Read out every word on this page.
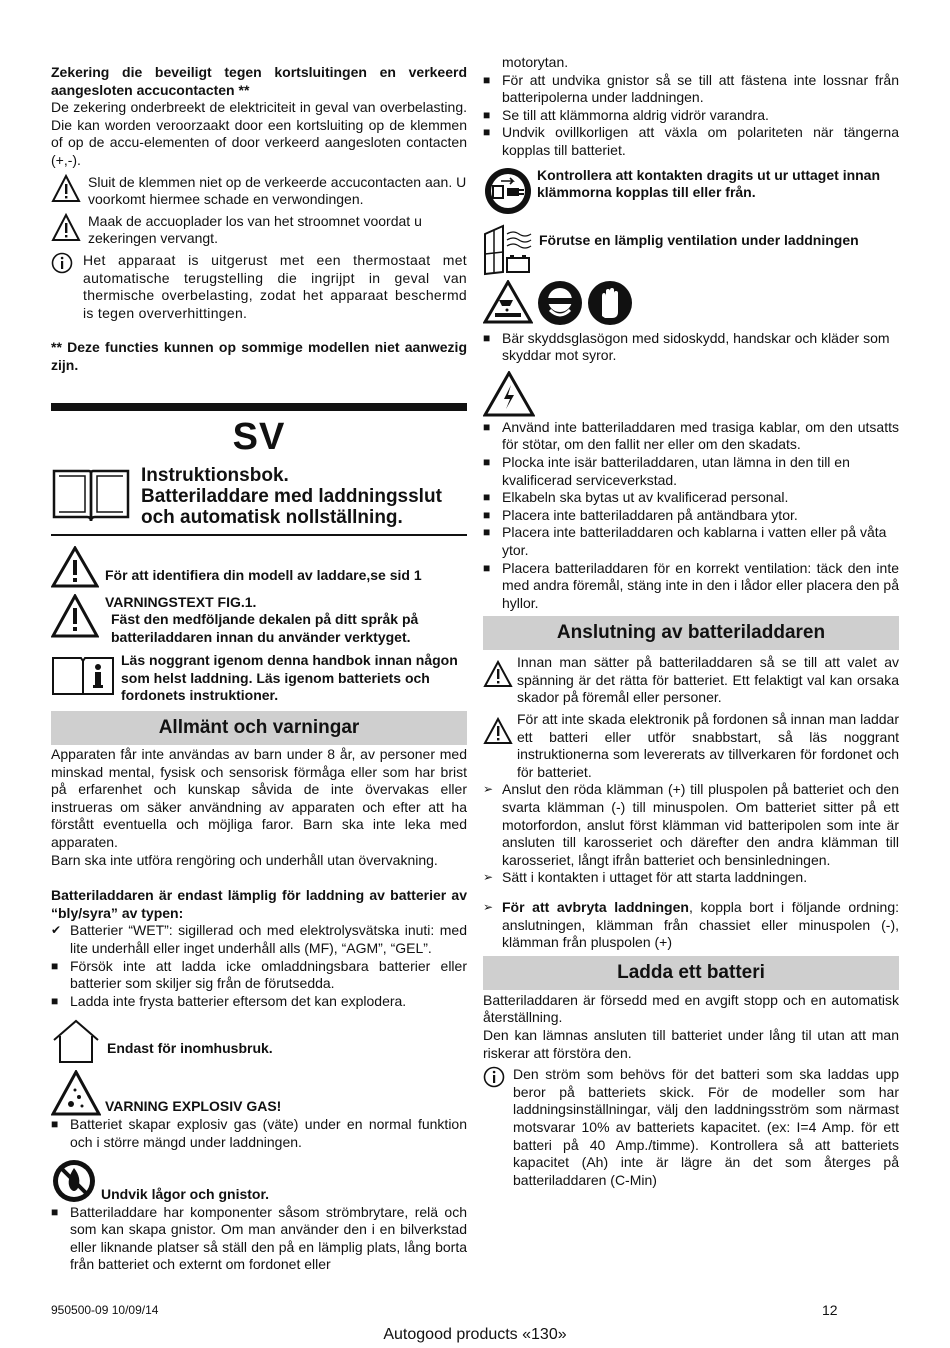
Zekering die beveiligt tegen kortsluitingen en verkeerd aangesloten accucontacten **

De zekering onderbreekt de elektriciteit in geval van overbelasting. Die kan worden veroorzaakt door een kortsluiting op de klemmen of op de accu-elementen of door verkeerd aangesloten contacten (+,-).

Sluit de klemmen niet op de verkeerde accucontacten aan. U voorkomt hiermee schade en verwondingen.

Maak de accuoplader los van het stroomnet voordat u zekeringen vervangt.

Het apparaat is uitgerust met een thermostaat met automatische terugstelling die ingrijpt in geval van thermische overbelasting, zodat het apparaat beschermd is tegen oververhittingen.

** Deze functies kunnen op sommige modellen niet aanwezig zijn.

SV
Instruktionsbok.
Batteriladdare med laddningsslut
och automatisk nollställning.

För att identifiera din modell av laddare,se sid 1

VARNINGSTEXT FIG.1.

Fäst den medföljande dekalen på ditt språk på batteriladdaren innan du använder verktyget.

Läs noggrant igenom denna handbok innan någon som helst laddning. Läs igenom batteriets och fordonets instruktioner.

Allmänt och varningar

Apparaten får inte användas av barn under 8 år, av personer med minskad mental, fysisk och sensorisk förmåga eller som har brist på erfarenhet och kunskap såvida de inte övervakas eller instrueras om säker användning av apparaten och efter att ha förstått eventuella och möjliga faror. Barn ska inte leka med apparaten.

Barn ska inte utföra rengöring och underhåll utan övervakning.

Batteriladdaren är endast lämplig för laddning av batterier av “bly/syra” av typen:

✔ Batterier “WET”: sigillerad och med elektrolysvätska inuti: med lite underhåll eller inget underhåll alls (MF), “AGM”, “GEL”.

■ Försök inte att ladda icke omladdningsbara batterier eller batterier som skiljer sig från de förutsedda.

■ Ladda inte frysta batterier eftersom det kan explodera.

Endast för inomhusbruk.

VARNING EXPLOSIV GAS!

■ Batteriet skapar explosiv gas (väte) under en normal funktion och i större mängd under laddningen.

Undvik lågor och gnistor.

■ Batteriladdare har komponenter såsom strömbrytare, relä och som kan skapa gnistor. Om man använder den i en bilverkstad eller liknande platser så ställ den på en lämplig plats, lång borta från batteriet och externt om fordonet eller

motorytan.

■ För att undvika gnistor så se till att fästena inte lossnar från batteripolerna under laddningen.

■ Se till att klämmorna aldrig vidrör varandra.

■ Undvik ovillkorligen att växla om polariteten när tängerna kopplas till batteriet.

Kontrollera att kontakten dragits ut ur uttaget innan klämmorna kopplas till eller från.

Förutse en lämplig ventilation under laddningen

■ Bär skyddsglasögon med sidoskydd, handskar och kläder som skyddar mot syror.

■ Använd inte batteriladdaren med trasiga kablar, om den utsatts för stötar, om den fallit ner eller om den skadats.

■ Plocka inte isär batteriladdaren, utan lämna in den till en kvalificerad serviceverkstad.

■ Elkabeln ska bytas ut av kvalificerad personal.

■ Placera inte batteriladdaren på antändbara ytor.

■ Placera inte batteriladdaren och kablarna i vatten eller på våta ytor.

■ Placera batteriladdaren för en korrekt ventilation: täck den inte med andra föremål, stäng inte in den i lådor eller placera den på hyllor.

Anslutning av batteriladdaren

Innan man sätter på batteriladdaren så se till att valet av spänning är det rätta för batteriet. Ett felaktigt val kan orsaka skador på föremål eller personer.

För att inte skada elektronik på fordonen så innan man laddar ett batteri eller utför snabbstart, så läs noggrant instruktionerna som levererats av tillverkaren för fordonet och för batteriet.

➢ Anslut den röda klämman (+) till pluspolen på batteriet och den svarta klämman (-) till minuspolen. Om batteriet sitter på ett motorfordon, anslut först klämman vid batteripolen som inte är ansluten till karosseriet och därefter den andra klämman till karosseriet, långt ifrån batteriet och bensinledningen.

➢ Sätt i kontakten i uttaget för att starta laddningen.

➢ För att avbryta laddningen, koppla bort i följande ordning: anslutningen, klämman från chassiet eller minuspolen (-), klämman från pluspolen (+)

Ladda ett batteri

Batteriladdaren är försedd med en avgift stopp och en automatisk återställning.

Den kan lämnas ansluten till batteriet under lång til utan att man riskerar att förstöra den.

Den ström som behövs för det batteri som ska laddas upp beror på batteriets skick. För de modeller som har laddningsinställningar, välj den laddningsström som närmast motsvarar 10% av batteriets kapacitet. (ex: I=4 Amp. för ett batteri på 40 Amp./timme). Kontrollera så att batteriets kapacitet (Ah) inte är lägre än det som återges på batteriladdaren (C-Min)

950500-09 10/09/14	12
Autogood products «130»
